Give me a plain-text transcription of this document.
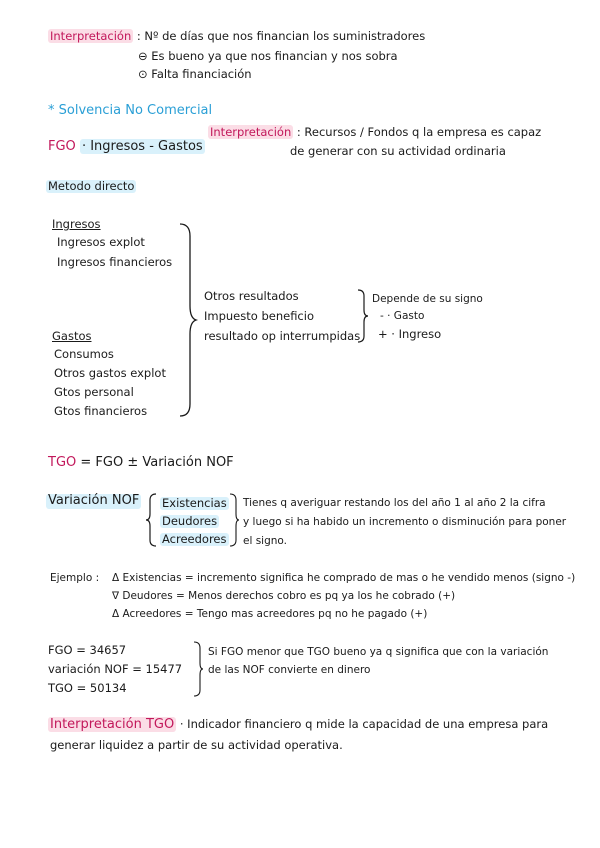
Interpretación : Nº de días que nos financian los suministradores
⊖ Es bueno ya que nos financian y nos sobra
⊙ Falta financiación
* Solvencia No Comercial
FGO · Ingresos - Gastos
Interpretación : Recursos / Fondos q la empresa es capaz
de generar con su actividad ordinaria
Metodo directo
Ingresos
Ingresos explot
Ingresos financieros
Gastos
Consumos
Otros gastos explot
Gtos personal
Gtos financieros
Otros resultados
Impuesto beneficio
resultado op interrumpidas
Depende de su signo
- · Gasto
+ · Ingreso
TGO = FGO ± Variación NOF
Variación NOF Existencias
Deudores
Acreedores
Tienes q averiguar restando los del año 1 al año 2 la cifra
y luego si ha habido un incremento o disminución para poner
el signo.
Ejemplo : Δ Existencias = incremento significa he comprado de mas o he vendido menos (signo -)
∇ Deudores = Menos derechos cobro es pq ya los he cobrado (+)
Δ Acreedores = Tengo mas acreedores pq no he pagado (+)
FGO = 34657
variación NOF = 15477
TGO = 50134
Si FGO menor que TGO bueno ya q significa que con la variación
de las NOF convierte en dinero
Interpretación TGO · Indicador financiero q mide la capacidad de una empresa para
generar liquidez a partir de su actividad operativa.
